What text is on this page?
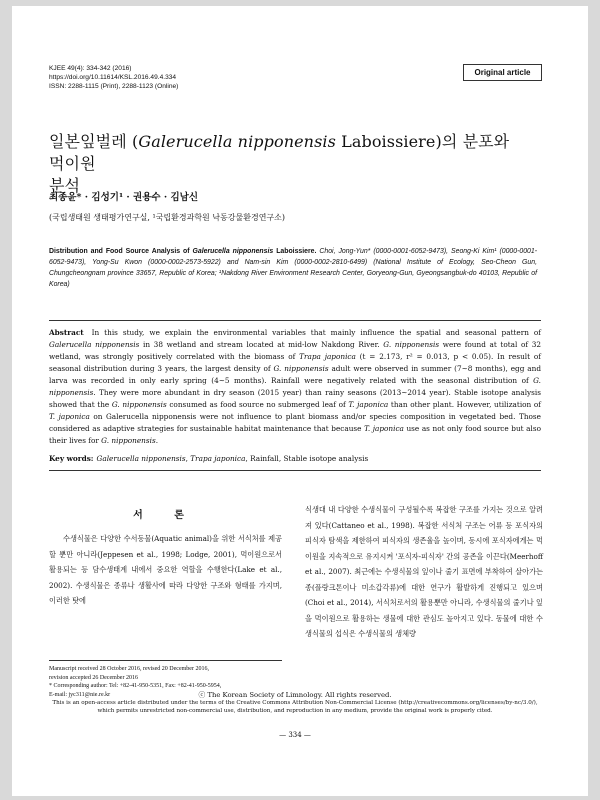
KJEE 49(4): 334-342 (2016)
https://doi.org/10.11614/KSL.2016.49.4.334
ISSN: 2288-1115 (Print), 2288-1123 (Online)
Original article
일본잎벌레 (Galerucella nipponensis Laboissiere)의 분포와 먹이원
분석
최종윤* · 김성기¹ · 권용수 · 김남신
(국립생태원 생태평가연구실, ¹국립환경과학원 낙동강물환경연구소)
Distribution and Food Source Analysis of Galerucella nipponensis Laboissiere. Choi, Jong-Yun* (0000-0001-6052-9473), Seong-Ki Kim¹ (0000-0001-6052-9473), Yong-Su Kwon (0000-0002-2573-5922) and Nam-sin Kim (0000-0002-2810-6499) (National Institute of Ecology, Seo-Cheon Gun, Chungcheongnam province 33657, Republic of Korea; ¹Nakdong River Environment Research Center, Goryeong-Gun, Gyeongsangbuk-do 40103, Republic of Korea)
Abstract In this study, we explain the environmental variables that mainly influence the spatial and seasonal pattern of Galerucella nipponensis in 38 wetland and stream located at mid-low Nakdong River. G. nipponensis were found at total of 32 wetland, was strongly positively correlated with the biomass of Trapa japonica (t = 2.173, r² = 0.013, p < 0.05). In result of seasonal distribution during 3 years, the largest density of G. nipponensis adult were observed in summer (7~8 months), egg and larva was recorded in only early spring (4~5 months). Rainfall were negatively related with the seasonal distribution of G. nipponensis. They were more abundant in dry season (2015 year) than rainy seasons (2013~2014 year). Stable isotope analysis showed that the G. nipponensis consumed as food source no submerged leaf of T. japonica than other plant. However, utilization of T. japonica on Galerucella nipponensis were not influence to plant biomass and/or species composition in vegetated bed. Those considered as adaptive strategies for sustainable habitat maintenance that because T. japonica use as not only food source but also their lives for G. nipponensis.
Key words: Galerucella nipponensis, Trapa japonica, Rainfall, Stable isotope analysis
서 론
수생식물은 다양한 수서동물(Aquatic animal)을 위한 서식처를 제공할 뿐만 아니라(Jeppesen et al., 1998; Lodge, 2001), 먹이원으로서 활용되는 등 담수생태계 내에서 중요한 역할을 수행한다(Lake et al., 2002). 수생식물은 종류나 생활사에 따라 다양한 구조와 형태를 가지며, 이러한 탓에
식생대 내 다양한 수생식물이 구성될수록 복잡한 구조를 가지는 것으로 알려져 있다(Cattaneo et al., 1998). 복잡한 서식처 구조는 어류 등 포식자의 피식자 탐색을 제한하여 피식자의 생존율을 높이며, 동시에 포식자에게는 먹이원을 지속적으로 유지시켜 '포식자-피식자' 간의 공존을 이끈다(Meerhoff et al., 2007). 최근에는 수생식물의 잎이나 줄기 표면에 부착하여 살아가는 종(플랑크톤이나 미소갑각류)에 대한 연구가 활발하게 진행되고 있으며(Choi et al., 2014), 서식처로서의 활용뿐만 아니라, 수생식물의 줄기나 잎을 먹이원으로 활용하는 생물에 대한 관심도 높아지고 있다. 동물에 대한 수생식물의 섭식은 수생식물의 생체량
Manuscript received 28 October 2016, revised 20 December 2016,
revision accepted 26 December 2016
* Corresponding author: Tel: +82-41-950-5351, Fax: +82-41-950-5954,
E-mail: jyc311@nie.re.kr	ⓒ The Korean Society of Limnology. All rights reserved.
This is an open-access article distributed under the terms of the Creative Commons Attribution Non-Commercial License (http://creativecommons.org/licenses/by-nc/3.0/),
which permits unrestricted non-commercial use, distribution, and reproduction in any medium, provide the original work is properly cited.
— 334 —
